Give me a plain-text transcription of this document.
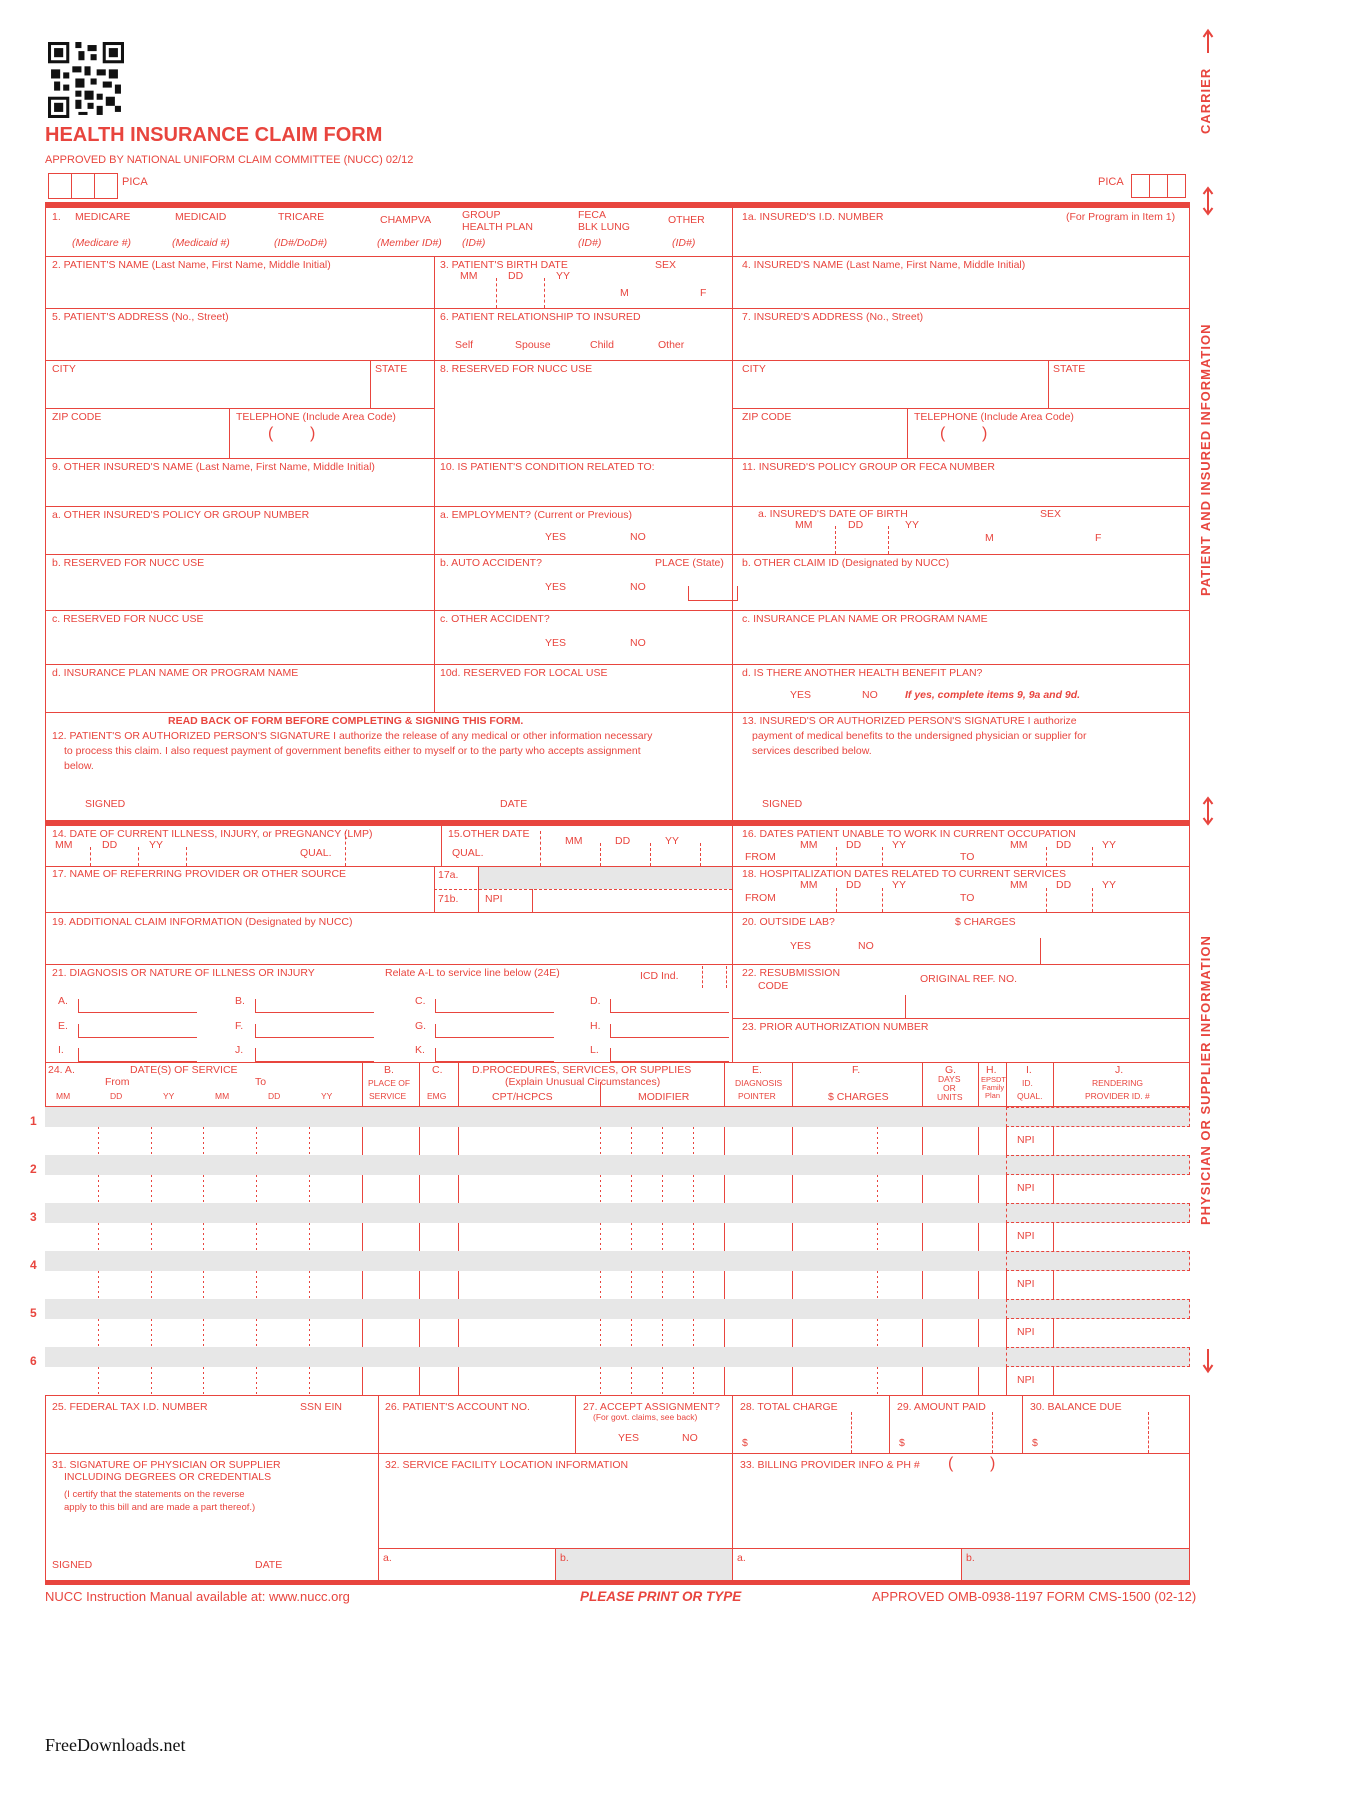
HEALTH INSURANCE CLAIM FORM
APPROVED BY NATIONAL UNIFORM CLAIM COMMITTEE (NUCC) 02/12
PICA	PICA
CARRIER
PATIENT AND INSURED INFORMATION
PHYSICIAN OR SUPPLIER INFORMATION
1. MEDICARE
(Medicare #)
MEDICAID
(Medicaid #)
TRICARE
(ID#/DoD#)
CHAMPVA
(Member ID#)
GROUP
HEALTH PLAN
(ID#)
FECA
BLK LUNG
(ID#)
OTHER
(ID#)
1a. INSURED'S I.D. NUMBER	(For Program in Item 1)
2. PATIENT'S NAME (Last Name, First Name, Middle Initial)	3. PATIENT'S BIRTH DATE
MM	DD	YY
SEX
M	F
4. INSURED'S NAME (Last Name, First Name, Middle Initial)
5. PATIENT'S ADDRESS (No., Street)	6. PATIENT RELATIONSHIP TO INSURED
Self	Spouse	Child	Other
7. INSURED'S ADDRESS (No., Street)
CITY	STATE	CITY	STATE
8. RESERVED FOR NUCC USE
ZIP CODE	TELEPHONE (Include Area Code)
( )
ZIP CODE	TELEPHONE (Include Area Code)
( )
9. OTHER INSURED'S NAME (Last Name, First Name, Middle Initial)	10. IS PATIENT'S CONDITION RELATED TO:	11. INSURED'S POLICY GROUP OR FECA NUMBER
a. OTHER INSURED'S POLICY OR GROUP NUMBER	a. EMPLOYMENT? (Current or Previous)
YES	NO
a. INSURED'S DATE OF BIRTH
MM	DD	YY
SEX
M	F
b. RESERVED FOR NUCC USE	b. AUTO ACCIDENT?	PLACE (State)
YES	NO
b. OTHER CLAIM ID (Designated by NUCC)
c. RESERVED FOR NUCC USE	c. OTHER ACCIDENT?
YES	NO
c. INSURANCE PLAN NAME OR PROGRAM NAME
d. INSURANCE PLAN NAME OR PROGRAM NAME	10d. RESERVED FOR LOCAL USE	d. IS THERE ANOTHER HEALTH BENEFIT PLAN?
YES	NO	If yes, complete items 9, 9a and 9d.
READ BACK OF FORM BEFORE COMPLETING & SIGNING THIS FORM.
12. PATIENT'S OR AUTHORIZED PERSON'S SIGNATURE I authorize the release of any medical or other information necessary
to process this claim. I also request payment of government benefits either to myself or to the party who accepts assignment
below.
SIGNED	DATE
13. INSURED'S OR AUTHORIZED PERSON'S SIGNATURE I authorize
payment of medical benefits to the undersigned physician or supplier for
services described below.
SIGNED
14. DATE OF CURRENT ILLNESS, INJURY, or PREGNANCY (LMP)
MM	DD	YY
QUAL.
15.OTHER DATE
QUAL.
MM	DD	YY
16. DATES PATIENT UNABLE TO WORK IN CURRENT OCCUPATION
MM	DD	YY
FROM	TO
MM	DD	YY
17. NAME OF REFERRING PROVIDER OR OTHER SOURCE	17a.
71b.	NPI
18. HOSPITALIZATION DATES RELATED TO CURRENT SERVICES
MM	DD	YY
FROM	TO
MM	DD	YY
19. ADDITIONAL CLAIM INFORMATION (Designated by NUCC)	20. OUTSIDE LAB?	$ CHARGES
YES	NO
21. DIAGNOSIS OR NATURE OF ILLNESS OR INJURY	Relate A-L to service line below (24E)	ICD Ind.
A.	B.	C.	D.
E.	F.	G.	H.
I.	J.	K.	L.
22. RESUBMISSION
CODE
ORIGINAL REF. NO.
23. PRIOR AUTHORIZATION NUMBER
24. A.	DATE(S) OF SERVICE
From	To
MM	DD	YY	MM	DD	YY
B.
PLACE OF
SERVICE
C.
EMG
D.PROCEDURES, SERVICES, OR SUPPLIES
(Explain Unusual Circumstances)
CPT/HCPCS	MODIFIER
E.
DIAGNOSIS
POINTER
F.
$ CHARGES
G.
DAYS
OR
UNITS
H.
EPSDT
Family
Plan
I.
ID.
QUAL.
J.
RENDERING
PROVIDER ID. #
NPI
1
NPI
2
NPI
3
NPI
4
NPI
5
NPI
6
25. FEDERAL TAX I.D. NUMBER	SSN EIN	26. PATIENT'S ACCOUNT NO.	27. ACCEPT ASSIGNMENT?
(For govt. claims, see back)
YES	NO
28. TOTAL CHARGE
$
29. AMOUNT PAID
$
30. BALANCE DUE
$
31. SIGNATURE OF PHYSICIAN OR SUPPLIER
INCLUDING DEGREES OR CREDENTIALS
(I certify that the statements on the reverse
apply to this bill and are made a part thereof.)
SIGNED	DATE
32. SERVICE FACILITY LOCATION INFORMATION
a.	b.
33. BILLING PROVIDER INFO & PH # ( )
a.	b.
NUCC Instruction Manual available at: www.nucc.org	PLEASE PRINT OR TYPE	APPROVED OMB-0938-1197 FORM CMS-1500 (02-12)
FreeDownloads.net
